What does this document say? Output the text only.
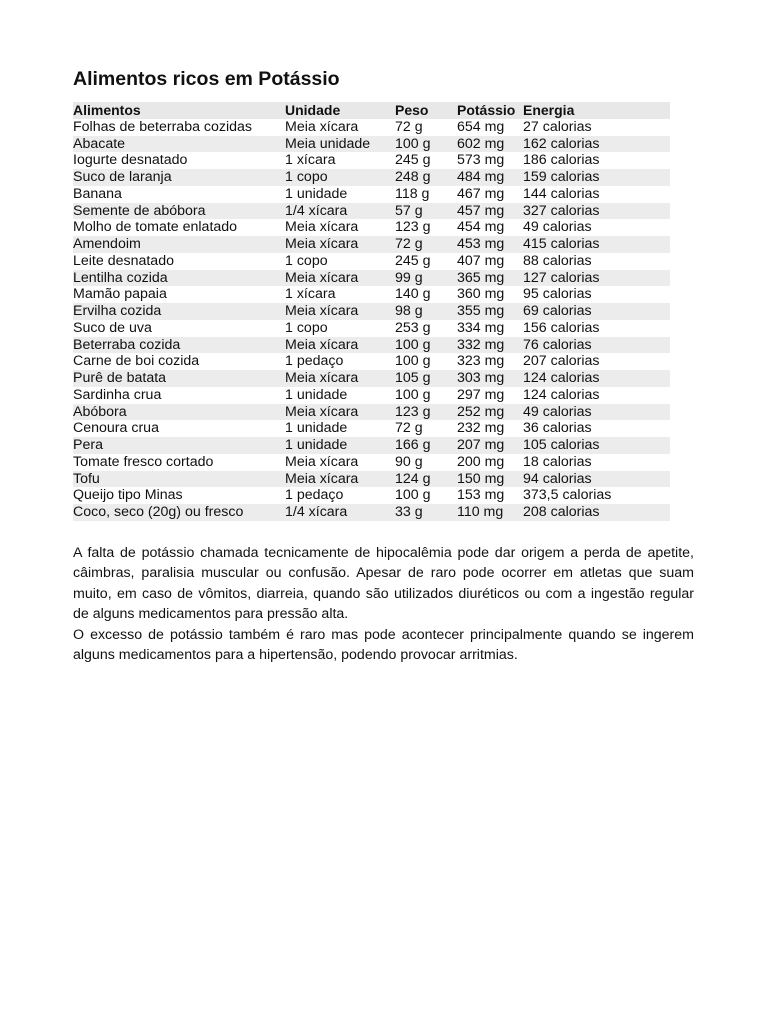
Alimentos ricos em Potássio
Alimentos	Unidade	Peso	Potássio	Energia
Folhas de beterraba cozidas	Meia xícara	72 g	654 mg	27 calorias
Abacate	Meia unidade	100 g	602 mg	162 calorias
Iogurte desnatado	1 xícara	245 g	573 mg	186 calorias
Suco de laranja	1 copo	248 g	484 mg	159 calorias
Banana	1 unidade	118 g	467 mg	144 calorias
Semente de abóbora	1/4 xícara	57 g	457 mg	327 calorias
Molho de tomate enlatado	Meia xícara	123 g	454 mg	49 calorias
Amendoim	Meia xícara	72 g	453 mg	415 calorias
Leite desnatado	1 copo	245 g	407 mg	88 calorias
Lentilha cozida	Meia xícara	99 g	365 mg	127 calorias
Mamão papaia	1 xícara	140 g	360 mg	95 calorias
Ervilha cozida	Meia xícara	98 g	355 mg	69 calorias
Suco de uva	1 copo	253 g	334 mg	156 calorias
Beterraba cozida	Meia xícara	100 g	332 mg	76 calorias
Carne de boi cozida	1 pedaço	100 g	323 mg	207 calorias
Purê de batata	Meia xícara	105 g	303 mg	124 calorias
Sardinha crua	1 unidade	100 g	297 mg	124 calorias
Abóbora	Meia xícara	123 g	252 mg	49 calorias
Cenoura crua	1 unidade	72 g	232 mg	36 calorias
Pera	1 unidade	166 g	207 mg	105 calorias
Tomate fresco cortado	Meia xícara	90 g	200 mg	18 calorias
Tofu	Meia xícara	124 g	150 mg	94 calorias
Queijo tipo Minas	1 pedaço	100 g	153 mg	373,5 calorias
Coco, seco (20g) ou fresco	1/4 xícara	33 g	110 mg	208 calorias

A falta de potássio chamada tecnicamente de hipocalêmia pode dar origem a perda de apetite, câimbras, paralisia muscular ou confusão. Apesar de raro pode ocorrer em atletas que suam muito, em caso de vômitos, diarreia, quando são utilizados diuréticos ou com a ingestão regular de alguns medicamentos para pressão alta.

O excesso de potássio também é raro mas pode acontecer principalmente quando se ingerem alguns medicamentos para a hipertensão, podendo provocar arritmias.
